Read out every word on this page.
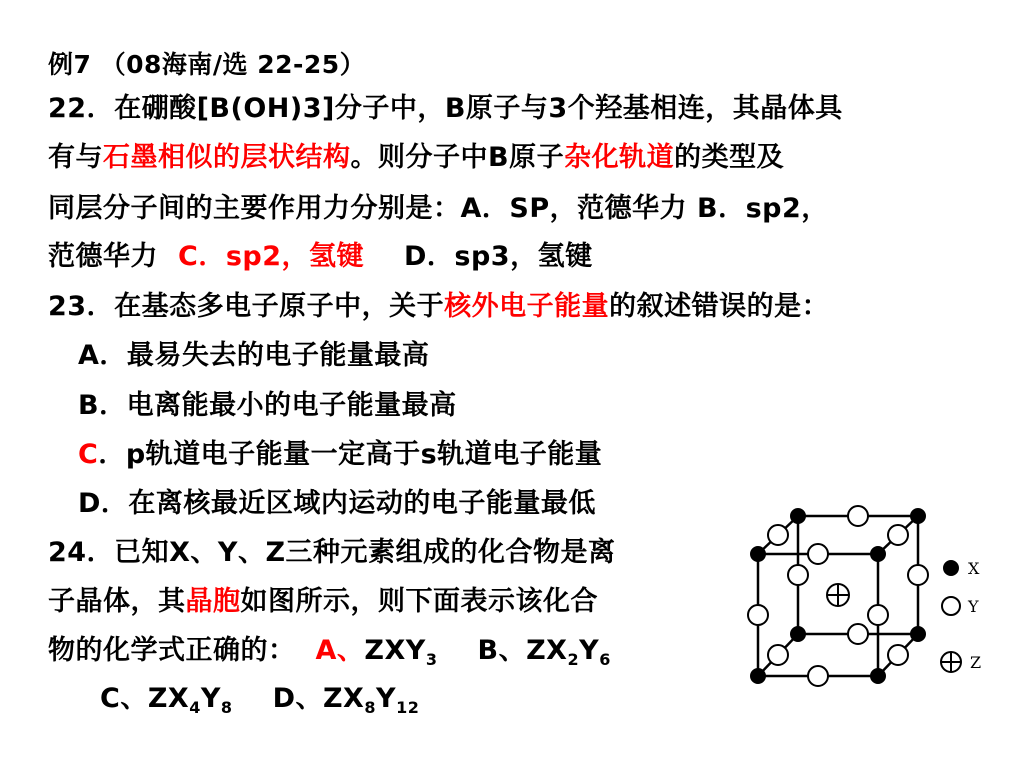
例7 （08海南/选 22-25）
22．在硼酸[B(OH)3]分子中，B原子与3个羟基相连，其晶体具
有与石墨相似的层状结构。则分子中B原子杂化轨道的类型及
同层分子间的主要作用力分别是：A．SP，范德华力 B．sp2，
范德华力 C．sp2，氢键 D．sp3，氢键
23．在基态多电子原子中，关于核外电子能量的叙述错误的是：
A．最易失去的电子能量最高
B．电离能最小的电子能量最高
C．p轨道电子能量一定高于s轨道电子能量
D．在离核最近区域内运动的电子能量最低
24．已知X、Y、Z三种元素组成的化合物是离
子晶体，其晶胞如图所示，则下面表示该化合
物的化学式正确的： A、$ZXY_3$ B、$ZX_2Y_6$
C、$ZX_4Y_8$ D、$ZX_8Y_{12}$
X
Y
Z
